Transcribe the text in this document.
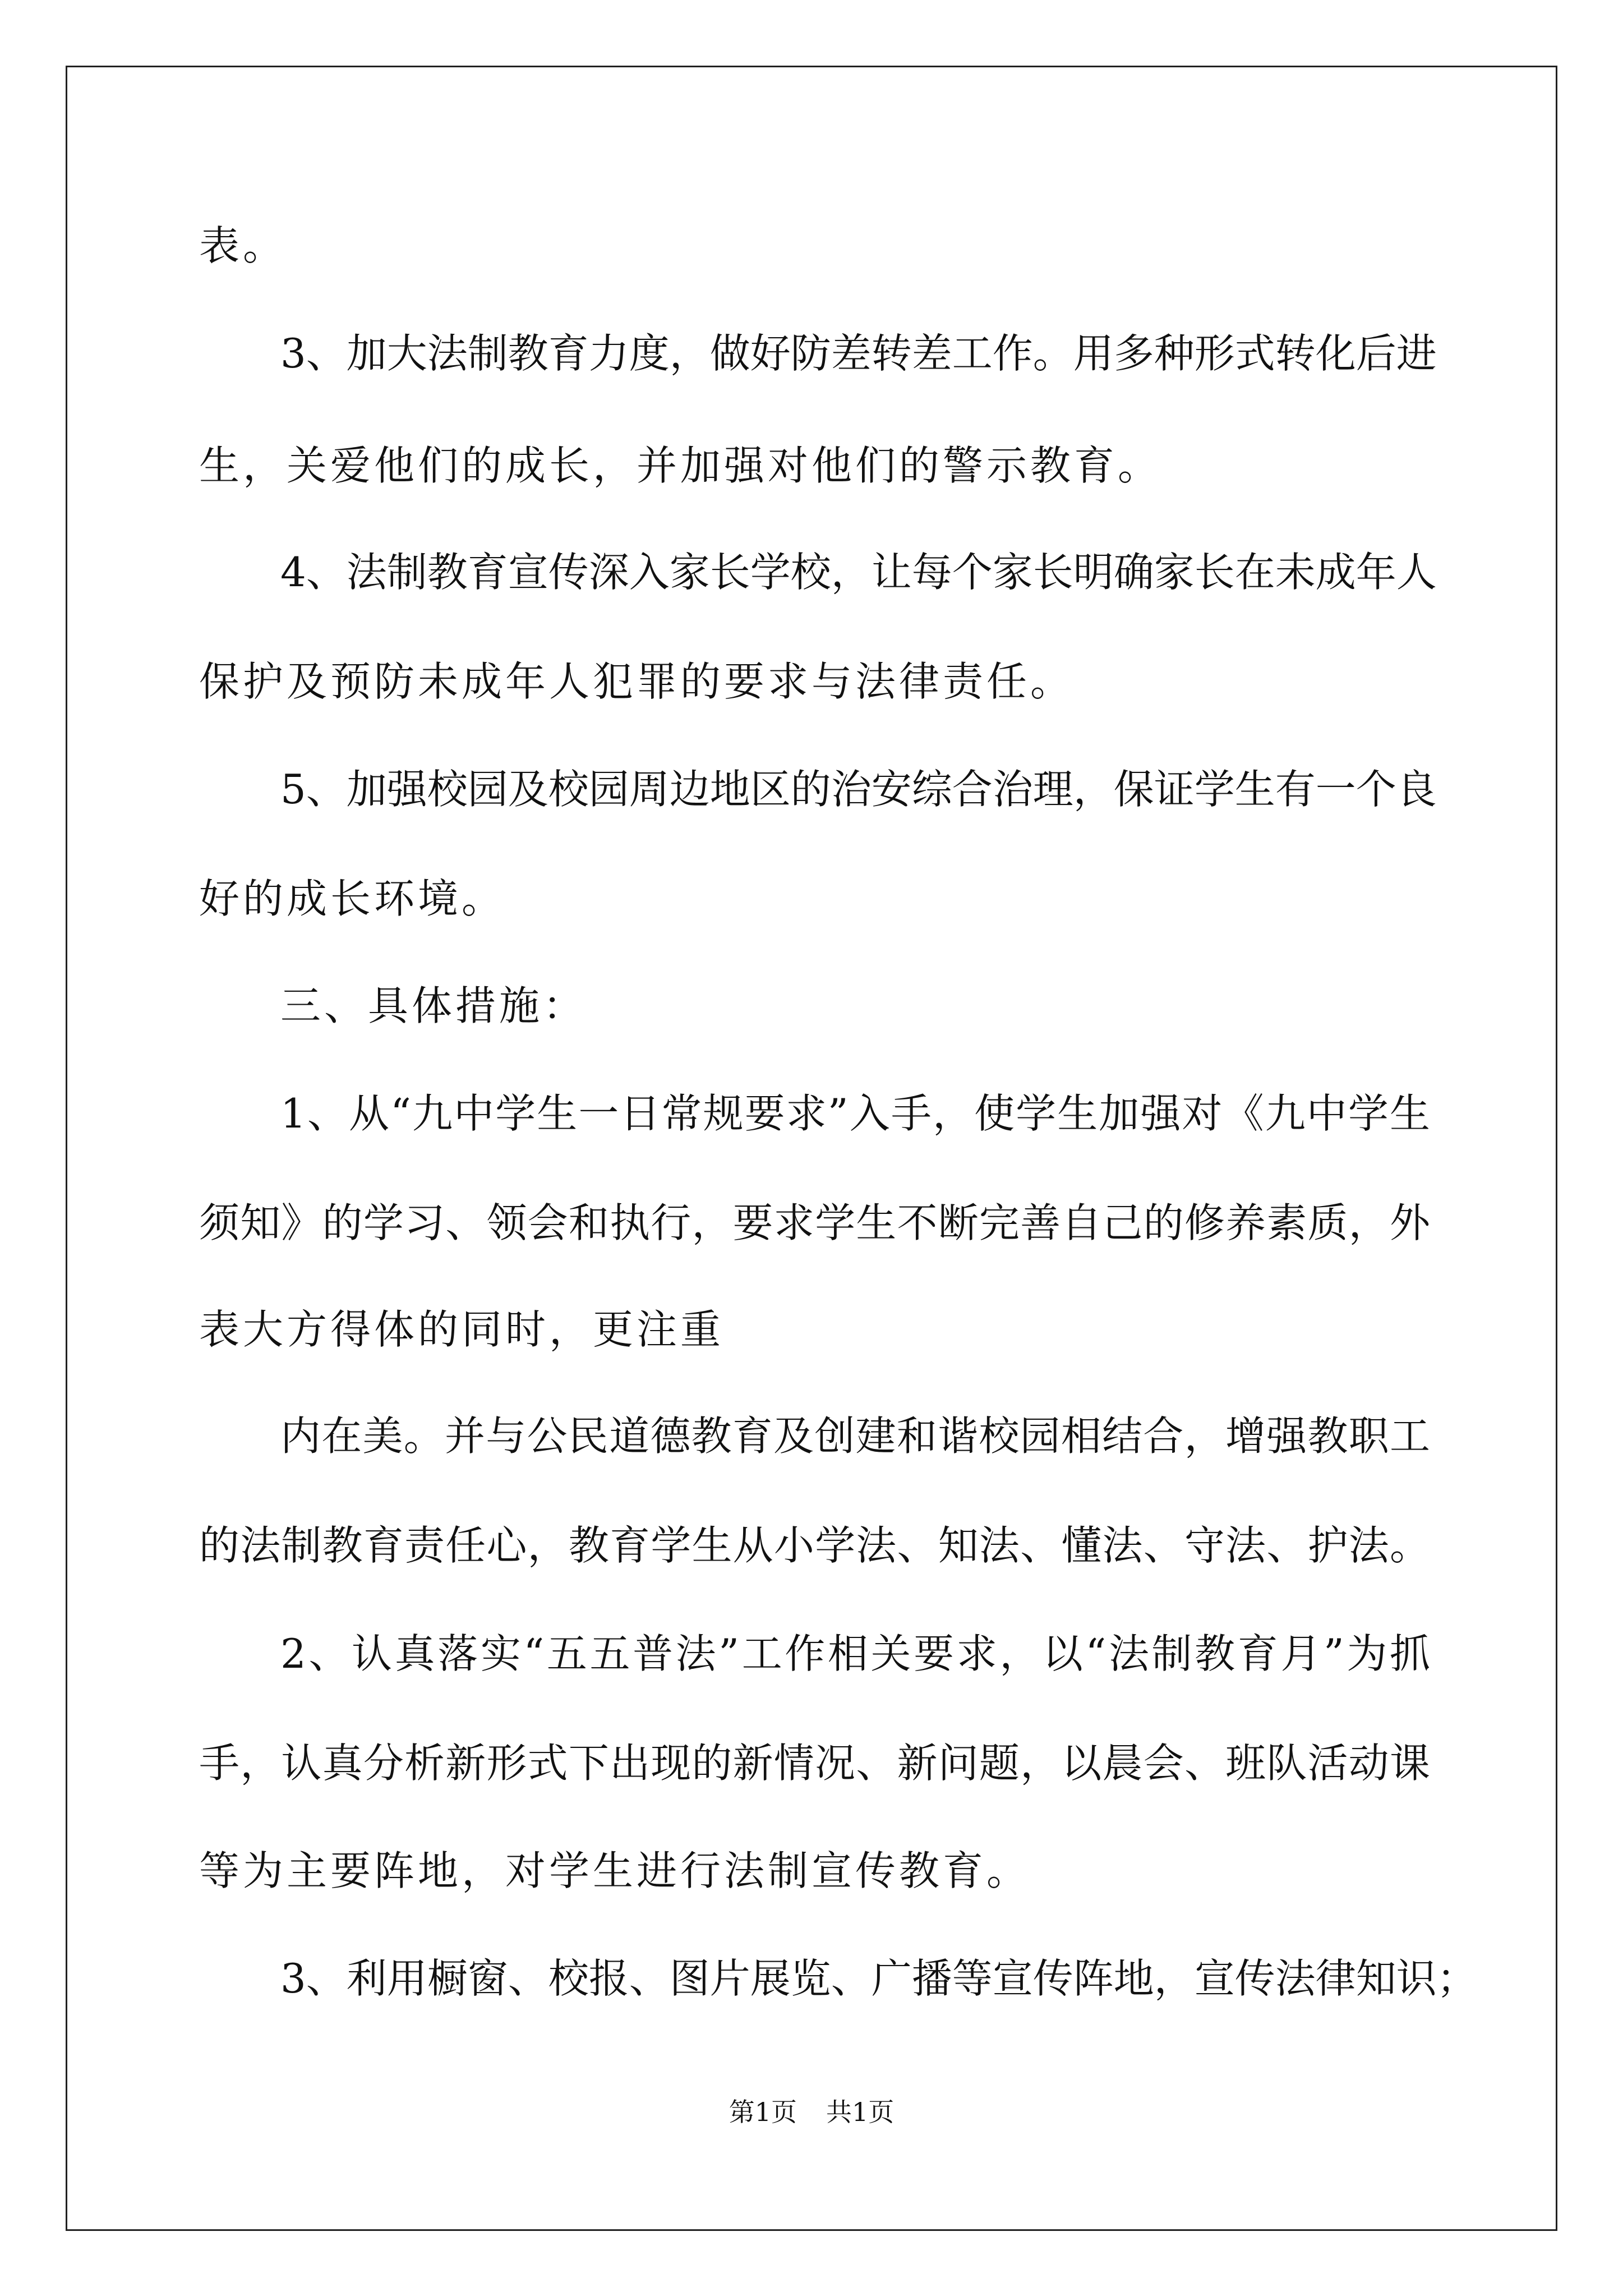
表。
3、加大法制教育力度，做好防差转差工作。用多种形式转化后进
生，关爱他们的成长，并加强对他们的警示教育。
4、法制教育宣传深入家长学校，让每个家长明确家长在未成年人
保护及预防未成年人犯罪的要求与法律责任。
5、加强校园及校园周边地区的治安综合治理，保证学生有一个良
好的成长环境。
三、具体措施：
1、从“九中学生一日常规要求”入手，使学生加强对《九中学生
须知》的学习、领会和执行，要求学生不断完善自己的修养素质，外
表大方得体的同时，更注重
内在美。并与公民道德教育及创建和谐校园相结合，增强教职工
的法制教育责任心，教育学生从小学法、知法、懂法、守法、护法。
2、认真落实“五五普法”工作相关要求，以“法制教育月”为抓
手，认真分析新形式下出现的新情况、新问题，以晨会、班队活动课
等为主要阵地，对学生进行法制宣传教育。
3、利用橱窗、校报、图片展览、广播等宣传阵地，宣传法律知识；
第1页 共1页
